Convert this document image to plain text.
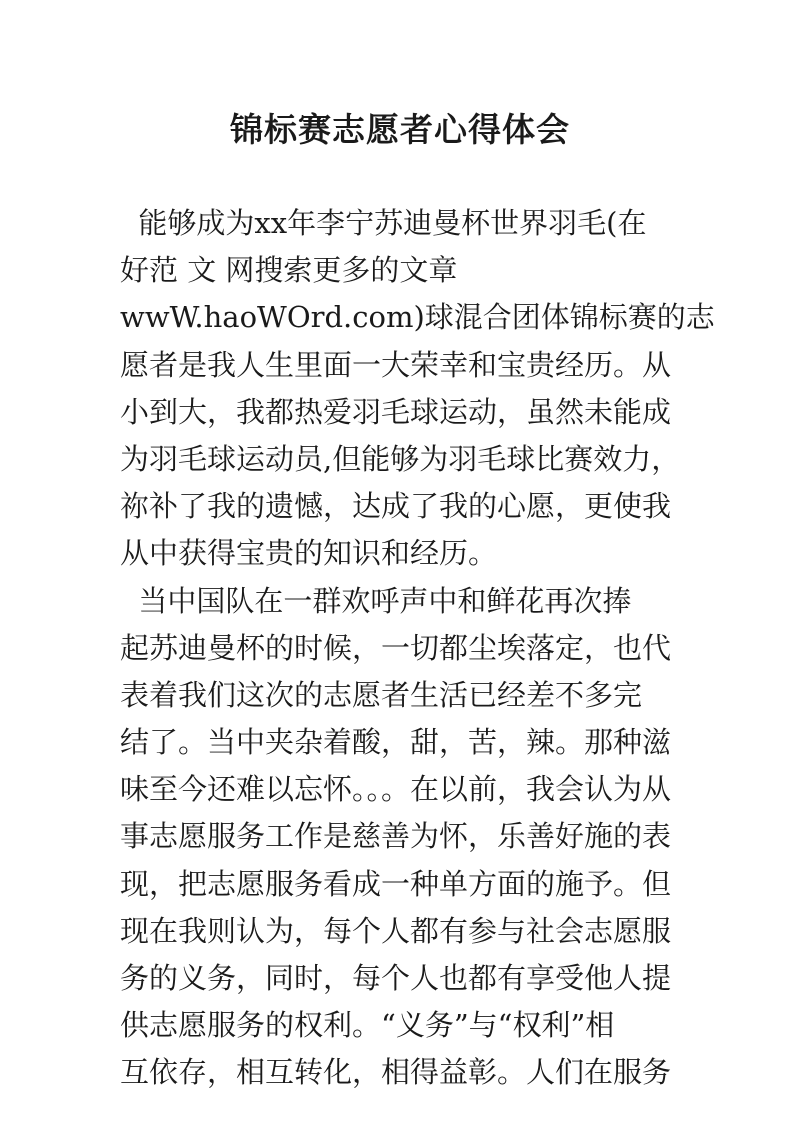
锦标赛志愿者心得体会
能够成为xx年李宁苏迪曼杯世界羽毛(在
好范 文 网搜索更多的文章
wwW.haoWOrd.com)球混合团体锦标赛的志
愿者是我人生里面一大荣幸和宝贵经历。从
小到大，我都热爱羽毛球运动，虽然未能成
为羽毛球运动员,但能够为羽毛球比赛效力，
祢补了我的遗憾，达成了我的心愿，更使我
从中获得宝贵的知识和经历。
当中国队在一群欢呼声中和鲜花再次捧
起苏迪曼杯的时候，一切都尘埃落定，也代
表着我们这次的志愿者生活已经差不多完
结了。当中夹杂着酸，甜，苦，辣。那种滋
味至今还难以忘怀。。。在以前，我会认为从
事志愿服务工作是慈善为怀，乐善好施的表
现，把志愿服务看成一种单方面的施予。但
现在我则认为，每个人都有参与社会志愿服
务的义务，同时，每个人也都有享受他人提
供志愿服务的权利。“义务”与“权利”相
互依存，相互转化，相得益彰。人们在服务
